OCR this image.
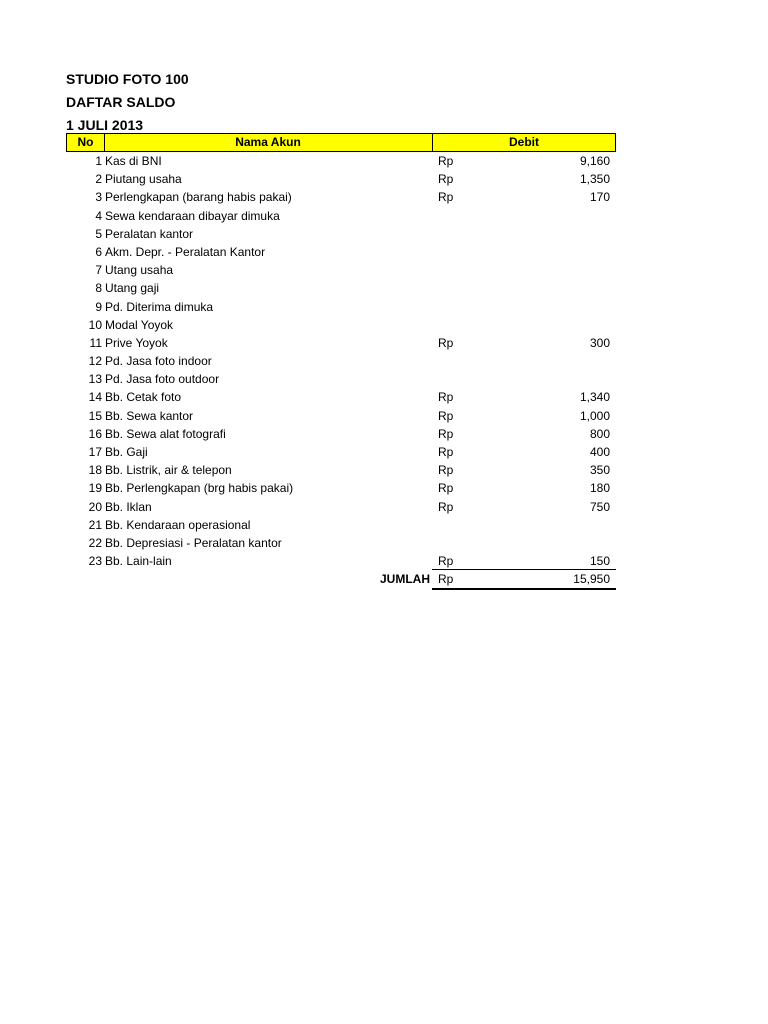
STUDIO FOTO 100
DAFTAR SALDO
1 JULI 2013
No	Nama Akun	Debit
1 Kas di BNI	Rp	9,160
2 Piutang usaha	Rp	1,350
3 Perlengkapan (barang habis pakai)	Rp	170
4 Sewa kendaraan dibayar dimuka
5 Peralatan kantor
6 Akm. Depr. - Peralatan Kantor
7 Utang usaha
8 Utang gaji
9 Pd. Diterima dimuka
10 Modal Yoyok
11 Prive Yoyok	Rp	300
12 Pd. Jasa foto indoor
13 Pd. Jasa foto outdoor
14 Bb. Cetak foto	Rp	1,340
15 Bb. Sewa kantor	Rp	1,000
16 Bb. Sewa alat fotografi	Rp	800
17 Bb. Gaji	Rp	400
18 Bb. Listrik, air & telepon	Rp	350
19 Bb. Perlengkapan (brg habis pakai)	Rp	180
20 Bb. Iklan	Rp	750
21 Bb. Kendaraan operasional
22 Bb. Depresiasi - Peralatan kantor
23 Bb. Lain-lain	Rp	150
JUMLAH Rp	15,950
